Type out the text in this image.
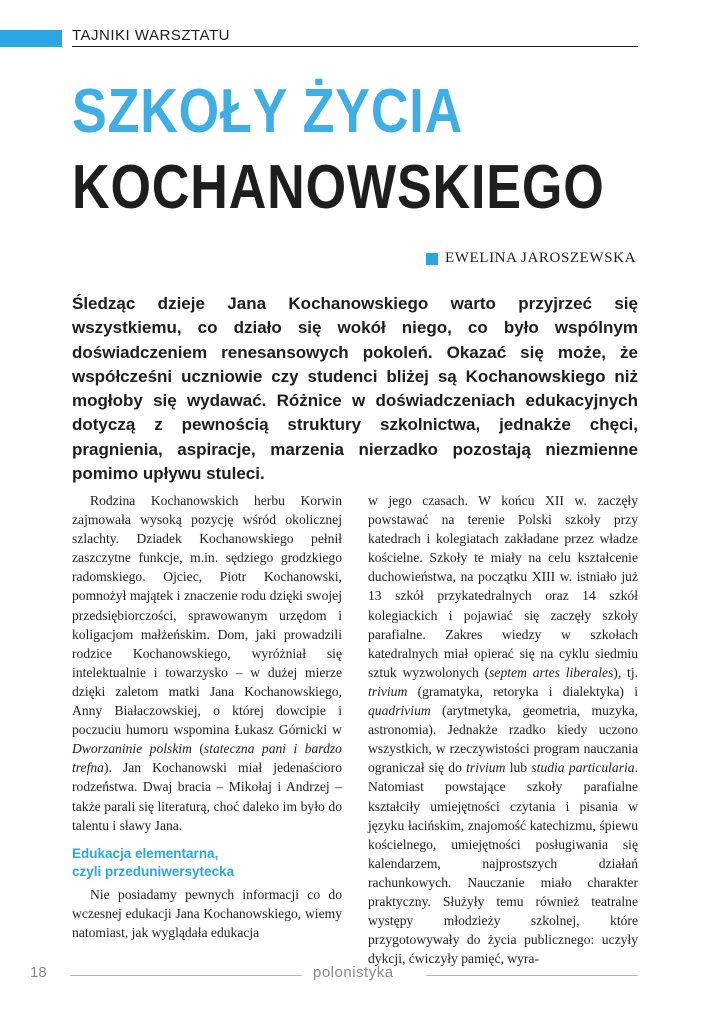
TAJNIKI WARSZTATU
SZKOŁY ŻYCIA
KOCHANOWSKIEGO
EWELINA JAROSZEWSKA
Śledząc dzieje Jana Kochanowskiego warto przyjrzeć się wszystkiemu, co działo się wokół niego, co było wspólnym doświadczeniem renesansowych pokoleń. Okazać się może, że współcześni uczniowie czy studenci bliżej są Kochanowskiego niż mogłoby się wydawać. Różnice w doświadczeniach edukacyjnych dotyczą z pewnością struktury szkolnictwa, jednakże chęci, pragnienia, aspiracje, marzenia nierzadko pozostają niezmienne pomimo upływu stuleci.

Rodzina Kochanowskich herbu Korwin zajmowała wysoką pozycję wśród okolicznej szlachty. Dziadek Kochanowskiego pełnił zaszczytne funkcje, m.in. sędziego grodzkiego radomskiego. Ojciec, Piotr Kochanowski, pomnożył majątek i znaczenie rodu dzięki swojej przedsiębiorczości, sprawowanym urzędom i koligacjom małżeńskim. Dom, jaki prowadzili rodzice Kochanowskiego, wyróżniał się intelektualnie i towarzysko – w dużej mierze dzięki zaletom matki Jana Kochanowskiego, Anny Białaczowskiej, o której dowcipie i poczuciu humoru wspomina Łukasz Górnicki w Dworzaninie polskim (stateczna pani i bardzo trefna). Jan Kochanowski miał jedenaścioro rodzeństwa. Dwaj bracia – Mikołaj i Andrzej – także parali się literaturą, choć daleko im było do talentu i sławy Jana.

Edukacja elementarna,
czyli przeduniwersytecka

Nie posiadamy pewnych informacji co do wczesnej edukacji Jana Kochanowskiego, wiemy natomiast, jak wyglądała edukacja

w jego czasach. W końcu XII w. zaczęły powstawać na terenie Polski szkoły przy katedrach i kolegiatach zakładane przez władze kościelne. Szkoły te miały na celu kształcenie duchowieństwa, na początku XIII w. istniało już 13 szkół przykatedralnych oraz 14 szkół kolegiackich i pojawiać się zaczęły szkoły parafialne. Zakres wiedzy w szkołach katedralnych miał opierać się na cyklu siedmiu sztuk wyzwolonych (septem artes liberales), tj. trivium (gramatyka, retoryka i dialektyka) i quadrivium (arytmetyka, geometria, muzyka, astronomia). Jednakże rzadko kiedy uczono wszystkich, w rzeczywistości program nauczania ograniczał się do trivium lub studia particularia. Natomiast powstające szkoły parafialne kształciły umiejętności czytania i pisania w języku łacińskim, znajomość katechizmu, śpiewu kościelnego, umiejętności posługiwania się kalendarzem, najprostszych działań rachunkowych. Nauczanie miało charakter praktyczny. Służyły temu również teatralne występy młodzieży szkolnej, które przygotowywały do życia publicznego: uczyły dykcji, ćwiczyły pamięć, wyra-

18	polonistyka
